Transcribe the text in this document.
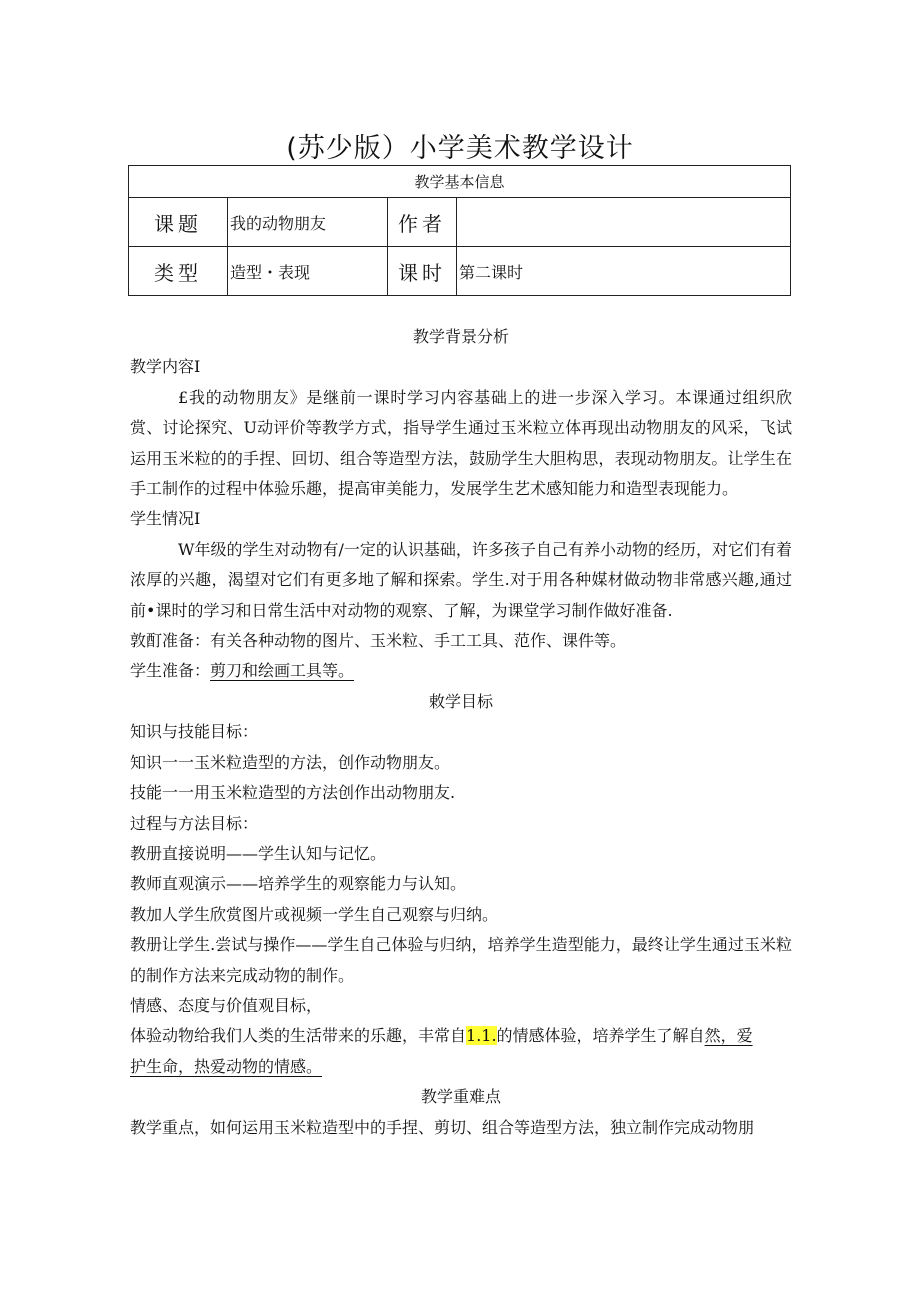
(苏少版）小学美术教学设计
教学基本信息			
课题	我的动物朋友	作者	
类型	造型・表现	课时	第二课时

教学背景分析

教学内容I

£我的动物朋友》是继前一课时学习内容基础上的进一步深入学习。本课通过组织欣赏、讨论探究、U动评价等教学方式，指导学生通过玉米粒立体再现出动物朋友的风采，飞试运用玉米粒的的手捏、回切、组合等造型方法，鼓励学生大胆构思，表现动物朋友。让学生在手工制作的过程中体验乐趣，提高审美能力，发展学生艺术感知能力和造型表现能力。

学生情况I

W年级的学生对动物有/一定的认识基础，许多孩子自己有养小动物的经历，对它们有着浓厚的兴趣，渴望对它们有更多地了解和探索。学生.对于用各种媒材做动物非常感兴趣,通过前•课时的学习和日常生活中对动物的观察、了解，为课堂学习制作做好准备.

敦酊准备：有关各种动物的图片、玉米粒、手工工具、范作、课件等。

学生准备：剪刀和绘画工具等。

敕学目标

知识与技能目标：

知识一一玉米粒造型的方法，创作动物朋友。

技能一一用玉米粒造型的方法创作出动物朋友.

过程与方法目标：

教册直接说明——学生认知与记忆。

教师直观演示——培养学生的观察能力与认知。

教加人学生欣赏图片或视频一学生自己观察与归纳。

教册让学生.尝试与操作——学生自己体验与归纳，培养学生造型能力，最终让学生通过玉米粒的制作方法来完成动物的制作。

情感、态度与价值观目标，

体验动物给我们人类的生活带来的乐趣，丰常自1.1.的情感体验，培养学生了解自然，爱
护生命，热爱动物的情感。

教学重难点

教学重点，如何运用玉米粒造型中的手捏、剪切、组合等造型方法，独立制作完成动物朋
